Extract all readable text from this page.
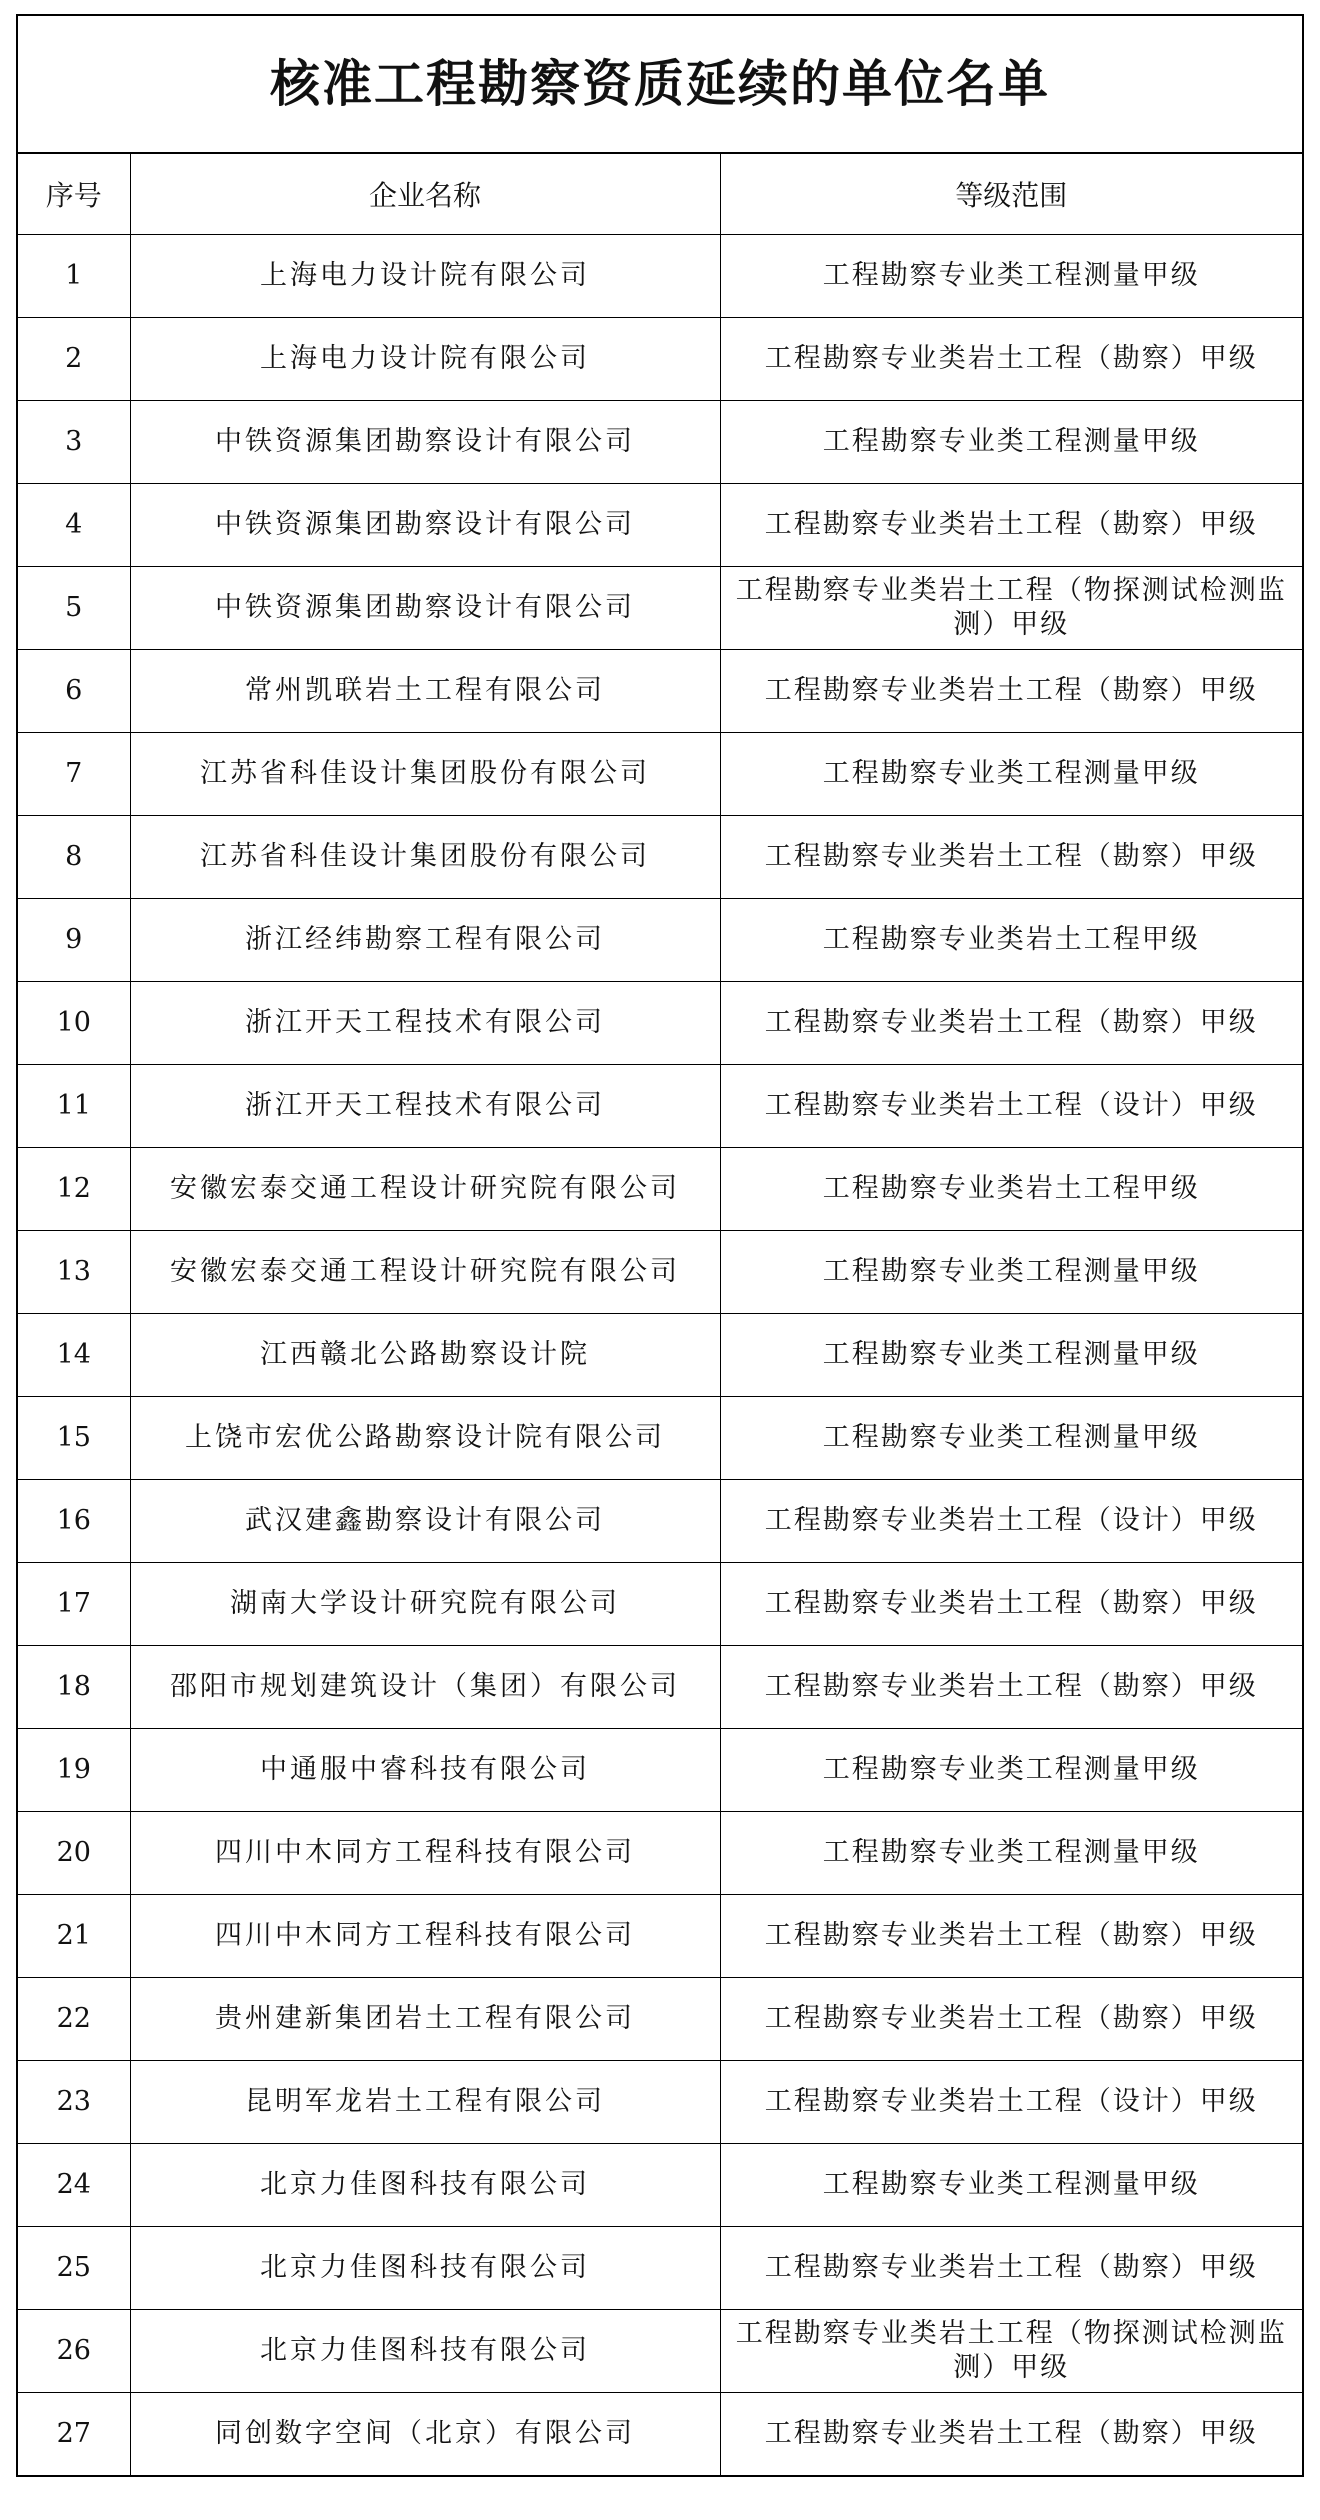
核准工程勘察资质延续的单位名单		
序号	企业名称	等级范围
1	上海电力设计院有限公司	工程勘察专业类工程测量甲级
2	上海电力设计院有限公司	工程勘察专业类岩土工程（勘察）甲级
3	中铁资源集团勘察设计有限公司	工程勘察专业类工程测量甲级
4	中铁资源集团勘察设计有限公司	工程勘察专业类岩土工程（勘察）甲级
5	中铁资源集团勘察设计有限公司	工程勘察专业类岩土工程（物探测试检测监测）甲级
6	常州凯联岩土工程有限公司	工程勘察专业类岩土工程（勘察）甲级
7	江苏省科佳设计集团股份有限公司	工程勘察专业类工程测量甲级
8	江苏省科佳设计集团股份有限公司	工程勘察专业类岩土工程（勘察）甲级
9	浙江经纬勘察工程有限公司	工程勘察专业类岩土工程甲级
10	浙江开天工程技术有限公司	工程勘察专业类岩土工程（勘察）甲级
11	浙江开天工程技术有限公司	工程勘察专业类岩土工程（设计）甲级
12	安徽宏泰交通工程设计研究院有限公司	工程勘察专业类岩土工程甲级
13	安徽宏泰交通工程设计研究院有限公司	工程勘察专业类工程测量甲级
14	江西赣北公路勘察设计院	工程勘察专业类工程测量甲级
15	上饶市宏优公路勘察设计院有限公司	工程勘察专业类工程测量甲级
16	武汉建鑫勘察设计有限公司	工程勘察专业类岩土工程（设计）甲级
17	湖南大学设计研究院有限公司	工程勘察专业类岩土工程（勘察）甲级
18	邵阳市规划建筑设计（集团）有限公司	工程勘察专业类岩土工程（勘察）甲级
19	中通服中睿科技有限公司	工程勘察专业类工程测量甲级
20	四川中木同方工程科技有限公司	工程勘察专业类工程测量甲级
21	四川中木同方工程科技有限公司	工程勘察专业类岩土工程（勘察）甲级
22	贵州建新集团岩土工程有限公司	工程勘察专业类岩土工程（勘察）甲级
23	昆明军龙岩土工程有限公司	工程勘察专业类岩土工程（设计）甲级
24	北京力佳图科技有限公司	工程勘察专业类工程测量甲级
25	北京力佳图科技有限公司	工程勘察专业类岩土工程（勘察）甲级
26	北京力佳图科技有限公司	工程勘察专业类岩土工程（物探测试检测监测）甲级
27	同创数字空间（北京）有限公司	工程勘察专业类岩土工程（勘察）甲级
